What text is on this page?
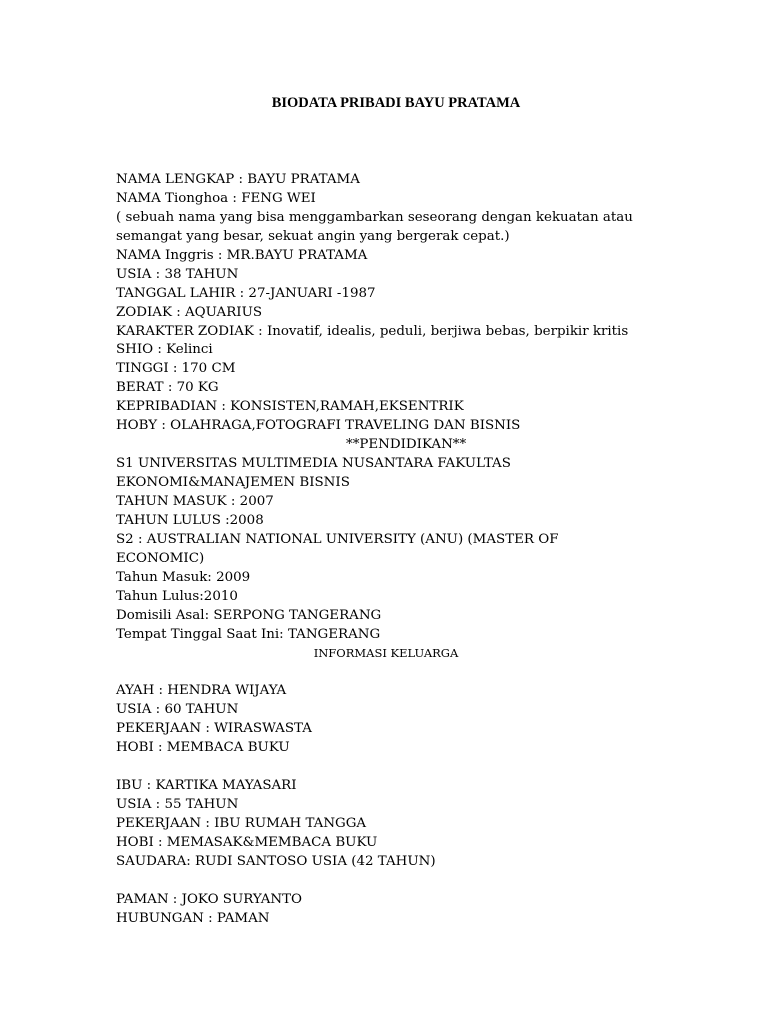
BIODATA PRIBADI BAYU PRATAMA
NAMA LENGKAP : BAYU PRATAMA
NAMA Tionghoa : FENG WEI
( sebuah nama yang bisa menggambarkan seseorang dengan kekuatan atau
semangat yang besar, sekuat angin yang bergerak cepat.)
NAMA Inggris : MR.BAYU PRATAMA
USIA : 38 TAHUN
TANGGAL LAHIR : 27-JANUARI -1987
ZODIAK : AQUARIUS
KARAKTER ZODIAK : Inovatif, idealis, peduli, berjiwa bebas, berpikir kritis
SHIO : Kelinci
TINGGI : 170 CM
BERAT : 70 KG
KEPRIBADIAN : KONSISTEN,RAMAH,EKSENTRIK
HOBY : OLAHRAGA,FOTOGRAFI TRAVELING DAN BISNIS
**PENDIDIKAN**
S1 UNIVERSITAS MULTIMEDIA NUSANTARA FAKULTAS
EKONOMI&MANAJEMEN BISNIS
TAHUN MASUK : 2007
TAHUN LULUS :2008
S2 : AUSTRALIAN NATIONAL UNIVERSITY (ANU) (MASTER OF
ECONOMIC)
Tahun Masuk: 2009
Tahun Lulus:2010
Domisili Asal: SERPONG TANGERANG
Tempat Tinggal Saat Ini: TANGERANG
INFORMASI KELUARGA
AYAH : HENDRA WIJAYA
USIA : 60 TAHUN
PEKERJAAN : WIRASWASTA
HOBI : MEMBACA BUKU
IBU : KARTIKA MAYASARI
USIA : 55 TAHUN
PEKERJAAN : IBU RUMAH TANGGA
HOBI : MEMASAK&MEMBACA BUKU
SAUDARA: RUDI SANTOSO USIA (42 TAHUN)
PAMAN : JOKO SURYANTO
HUBUNGAN : PAMAN
